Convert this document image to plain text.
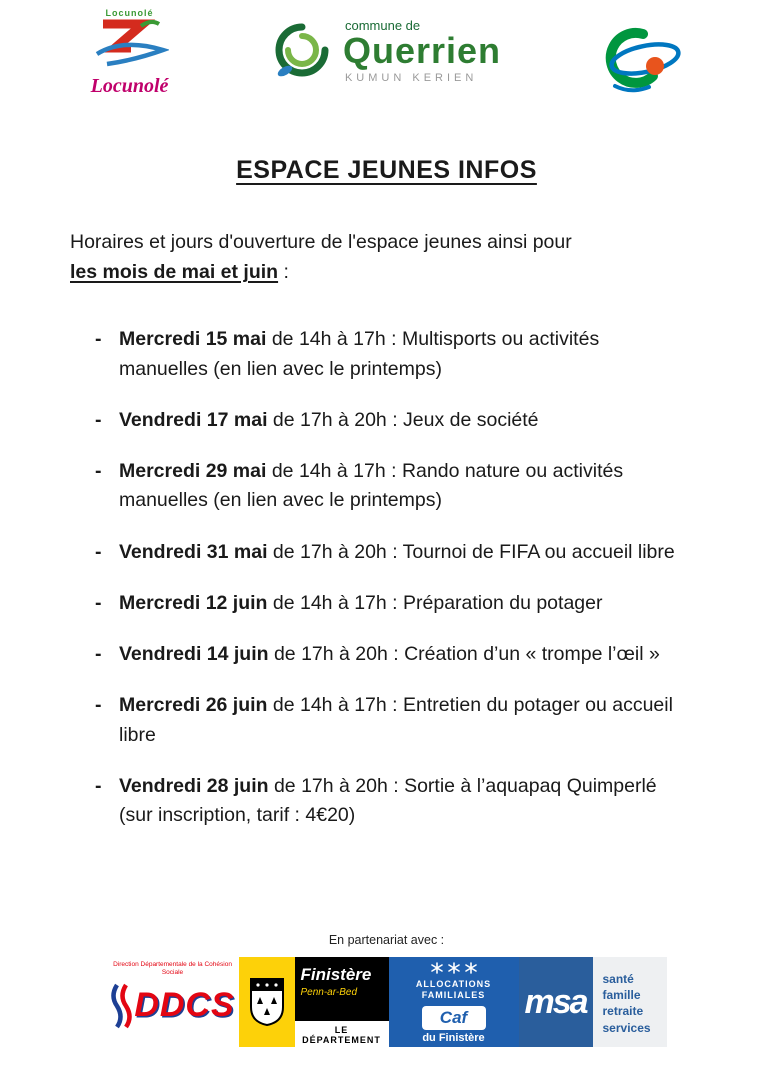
Locunolé
Locunolé
commune de
Querrien
KUMUN KERIEN
ESPACE JEUNES INFOS

Horaires et jours d'ouverture de l'espace jeunes ainsi pour
les mois de mai et juin :

- Mercredi 15 mai de 14h à 17h : Multisports ou activités manuelles (en lien avec le printemps)
- Vendredi 17 mai de 17h à 20h : Jeux de société
- Mercredi 29 mai de 14h à 17h : Rando nature ou activités manuelles (en lien avec le printemps)
- Vendredi 31 mai de 17h à 20h : Tournoi de FIFA ou accueil libre
- Mercredi 12 juin de 14h à 17h : Préparation du potager
- Vendredi 14 juin de 17h à 20h : Création d’un « trompe l’œil »
- Mercredi 26 juin de 14h à 17h : Entretien du potager ou accueil libre
- Vendredi 28 juin de 17h à 20h : Sortie à l’aquapaq Quimperlé (sur inscription, tarif : 4€20)
En partenariat avec :
Direction Départementale de la Cohésion Sociale
DDCS
Finistère
Penn-ar-Bed
LE DÉPARTEMENT
ALLOCATIONS
FAMILIALES
Caf
du Finistère
msa
santé
famille
retraite
services
